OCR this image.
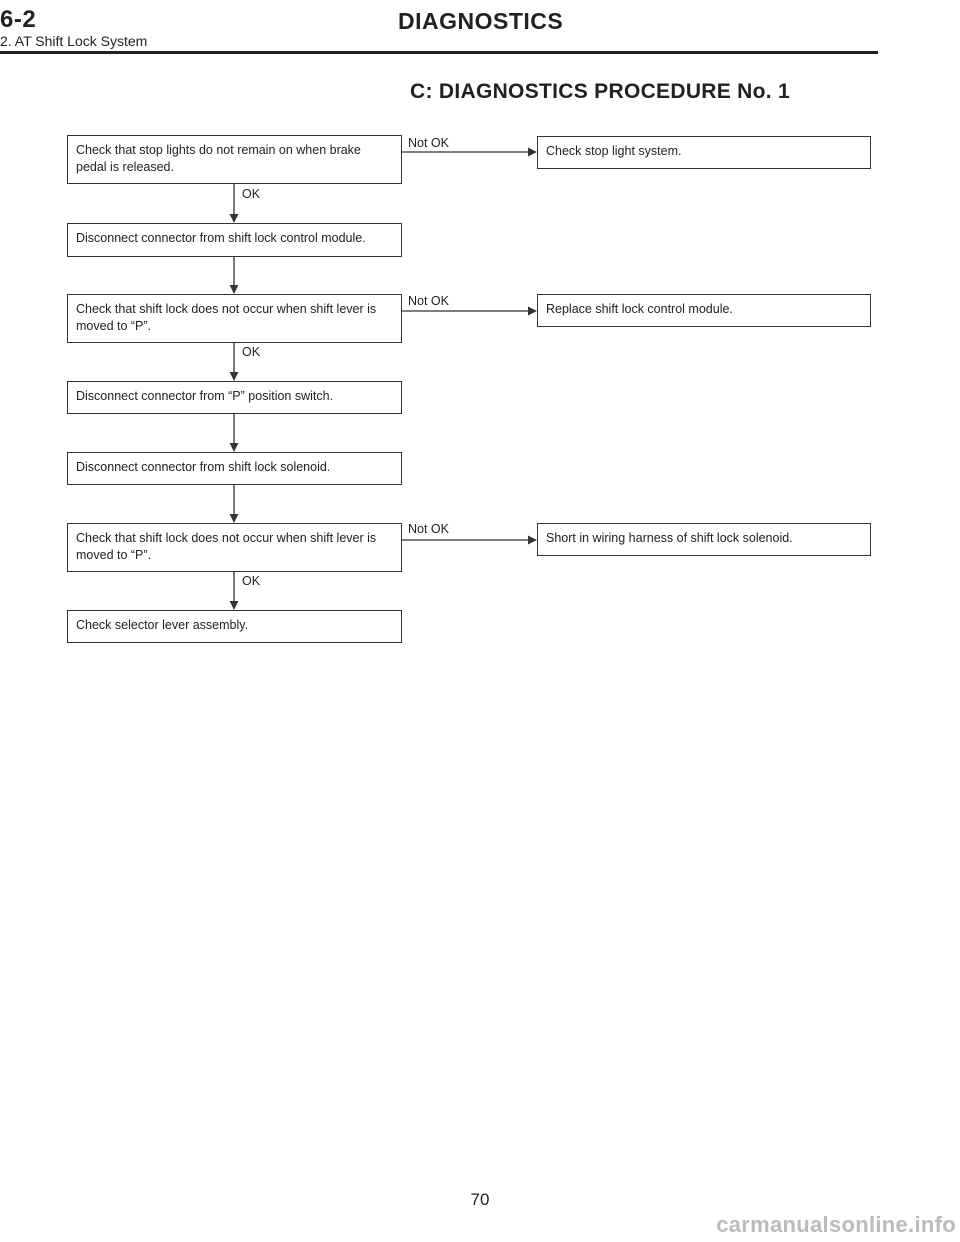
6-2	DIAGNOSTICS
2. AT Shift Lock System
C: DIAGNOSTICS PROCEDURE No. 1
Check that stop lights do not remain on when brake pedal is released.
Disconnect connector from shift lock control module.
Check that shift lock does not occur when shift lever is moved to “P”.
Disconnect connector from “P” position switch.
Disconnect connector from shift lock solenoid.
Check that shift lock does not occur when shift lever is moved to “P”.
Check selector lever assembly.
Check stop light system.
Replace shift lock control module.
Short in wiring harness of shift lock solenoid.
Not OK
OK
Not OK
OK
Not OK
OK
70
carmanualsonline.info
